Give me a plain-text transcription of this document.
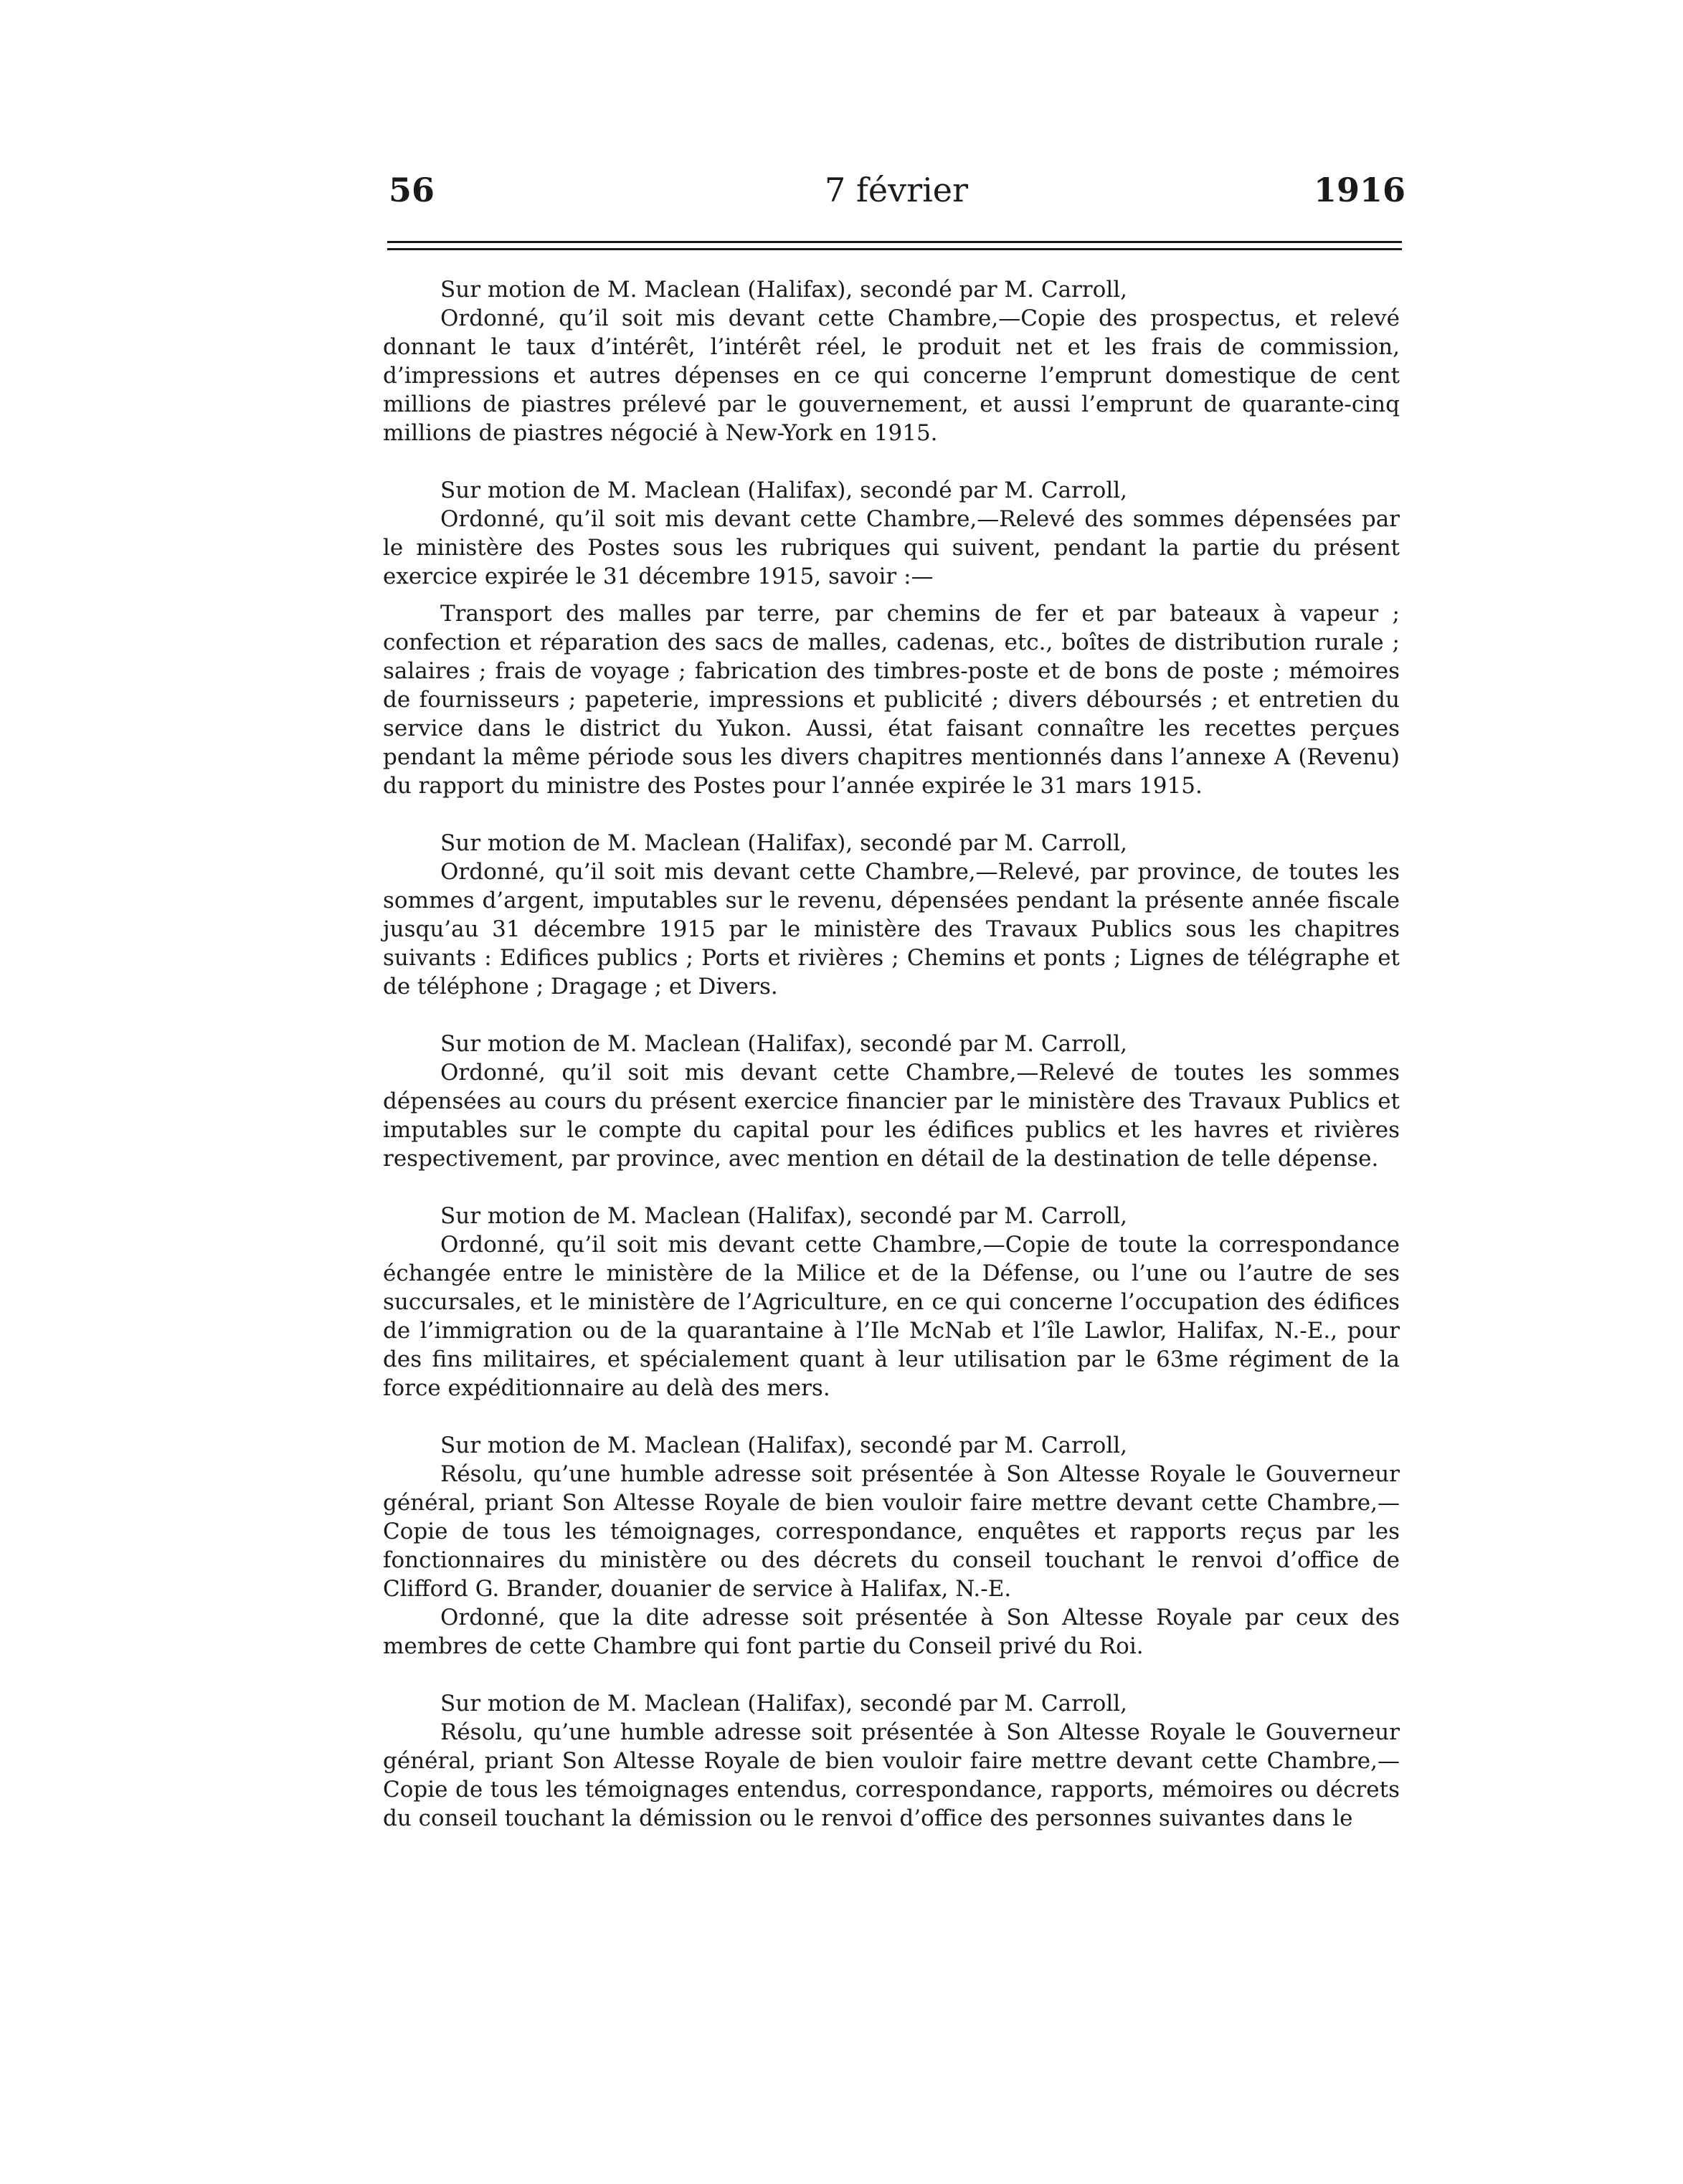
56	7 février	1916

Sur motion de M. Maclean (Halifax), secondé par M. Carroll,

Ordonné, qu’il soit mis devant cette Chambre,—Copie des prospectus, et relevé donnant le taux d’intérêt, l’intérêt réel, le produit net et les frais de commission, d’impressions et autres dépenses en ce qui concerne l’emprunt domestique de cent millions de piastres prélevé par le gouvernement, et aussi l’emprunt de quarante-cinq millions de piastres négocié à New-York en 1915.

Sur motion de M. Maclean (Halifax), secondé par M. Carroll,

Ordonné, qu’il soit mis devant cette Chambre,—Relevé des sommes dépensées par le ministère des Postes sous les rubriques qui suivent, pendant la partie du présent exercice expirée le 31 décembre 1915, savoir :—

Transport des malles par terre, par chemins de fer et par bateaux à vapeur ; confection et réparation des sacs de malles, cadenas, etc., boîtes de distribution rurale ; salaires ; frais de voyage ; fabrication des timbres-poste et de bons de poste ; mémoires de fournisseurs ; papeterie, impressions et publicité ; divers déboursés ; et entretien du service dans le district du Yukon. Aussi, état faisant connaître les recettes perçues pendant la même période sous les divers chapitres mentionnés dans l’annexe A (Revenu) du rapport du ministre des Postes pour l’année expirée le 31 mars 1915.

Sur motion de M. Maclean (Halifax), secondé par M. Carroll,

Ordonné, qu’il soit mis devant cette Chambre,—Relevé, par province, de toutes les sommes d’argent, imputables sur le revenu, dépensées pendant la présente année fiscale jusqu’au 31 décembre 1915 par le ministère des Travaux Publics sous les chapitres suivants : Edifices publics ; Ports et rivières ; Chemins et ponts ; Lignes de télégraphe et de téléphone ; Dragage ; et Divers.

Sur motion de M. Maclean (Halifax), secondé par M. Carroll,

Ordonné, qu’il soit mis devant cette Chambre,—Relevé de toutes les sommes dépensées au cours du présent exercice financier par le ministère des Travaux Publics et imputables sur le compte du capital pour les édifices publics et les havres et rivières respectivement, par province, avec mention en détail de la destination de telle dépense.

Sur motion de M. Maclean (Halifax), secondé par M. Carroll,

Ordonné, qu’il soit mis devant cette Chambre,—Copie de toute la correspondance échangée entre le ministère de la Milice et de la Défense, ou l’une ou l’autre de ses succursales, et le ministère de l’Agriculture, en ce qui concerne l’occupation des édifices de l’immigration ou de la quarantaine à l’Ile McNab et l’île Lawlor, Halifax, N.-E., pour des fins militaires, et spécialement quant à leur utilisation par le 63me régiment de la force expéditionnaire au delà des mers.

Sur motion de M. Maclean (Halifax), secondé par M. Carroll,

Résolu, qu’une humble adresse soit présentée à Son Altesse Royale le Gouverneur général, priant Son Altesse Royale de bien vouloir faire mettre devant cette Chambre,—Copie de tous les témoignages, correspondance, enquêtes et rapports reçus par les fonctionnaires du ministère ou des décrets du conseil touchant le renvoi d’office de Clifford G. Brander, douanier de service à Halifax, N.-E.

Ordonné, que la dite adresse soit présentée à Son Altesse Royale par ceux des membres de cette Chambre qui font partie du Conseil privé du Roi.

Sur motion de M. Maclean (Halifax), secondé par M. Carroll,

Résolu, qu’une humble adresse soit présentée à Son Altesse Royale le Gouverneur général, priant Son Altesse Royale de bien vouloir faire mettre devant cette Chambre,—Copie de tous les témoignages entendus, correspondance, rapports, mémoires ou décrets du conseil touchant la démission ou le renvoi d’office des personnes suivantes dans le
